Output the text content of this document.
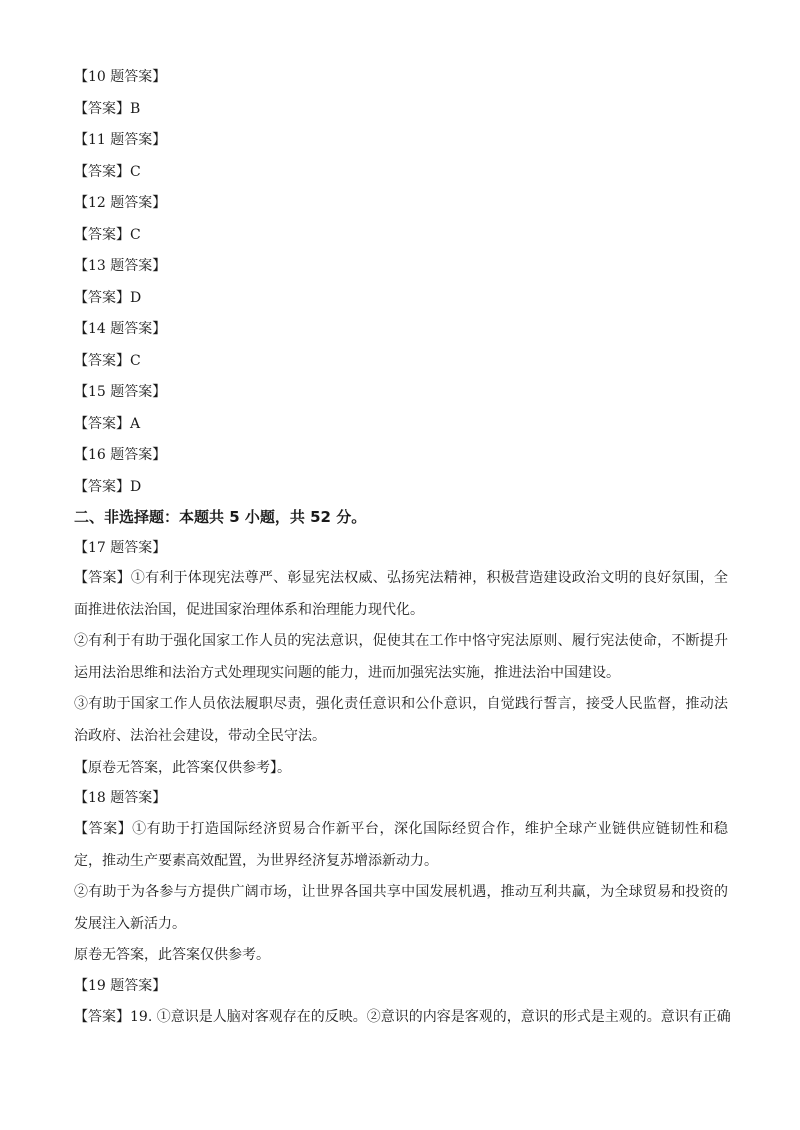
【10 题答案】
【答案】B
【11 题答案】
【答案】C
【12 题答案】
【答案】C
【13 题答案】
【答案】D
【14 题答案】
【答案】C
【15 题答案】
【答案】A
【16 题答案】
【答案】D
二、非选择题：本题共 5 小题，共 52 分。
【17 题答案】
【答案】①有利于体现宪法尊严、彰显宪法权威、弘扬宪法精神，积极营造建设政治文明的良好氛围，全面推进依法治国，促进国家治理体系和治理能力现代化。
②有利于有助于强化国家工作人员的宪法意识，促使其在工作中恪守宪法原则、履行宪法使命，不断提升运用法治思维和法治方式处理现实问题的能力，进而加强宪法实施，推进法治中国建设。
③有助于国家工作人员依法履职尽责，强化责任意识和公仆意识，自觉践行誓言，接受人民监督，推动法治政府、法治社会建设，带动全民守法。
【原卷无答案，此答案仅供参考】。
【18 题答案】
【答案】①有助于打造国际经济贸易合作新平台，深化国际经贸合作，维护全球产业链供应链韧性和稳定，推动生产要素高效配置，为世界经济复苏增添新动力。
②有助于为各参与方提供广阔市场，让世界各国共享中国发展机遇，推动互利共赢，为全球贸易和投资的发展注入新活力。
原卷无答案，此答案仅供参考。
【19 题答案】
【答案】19. ①意识是人脑对客观存在的反映。②意识的内容是客观的，意识的形式是主观的。意识有正确
